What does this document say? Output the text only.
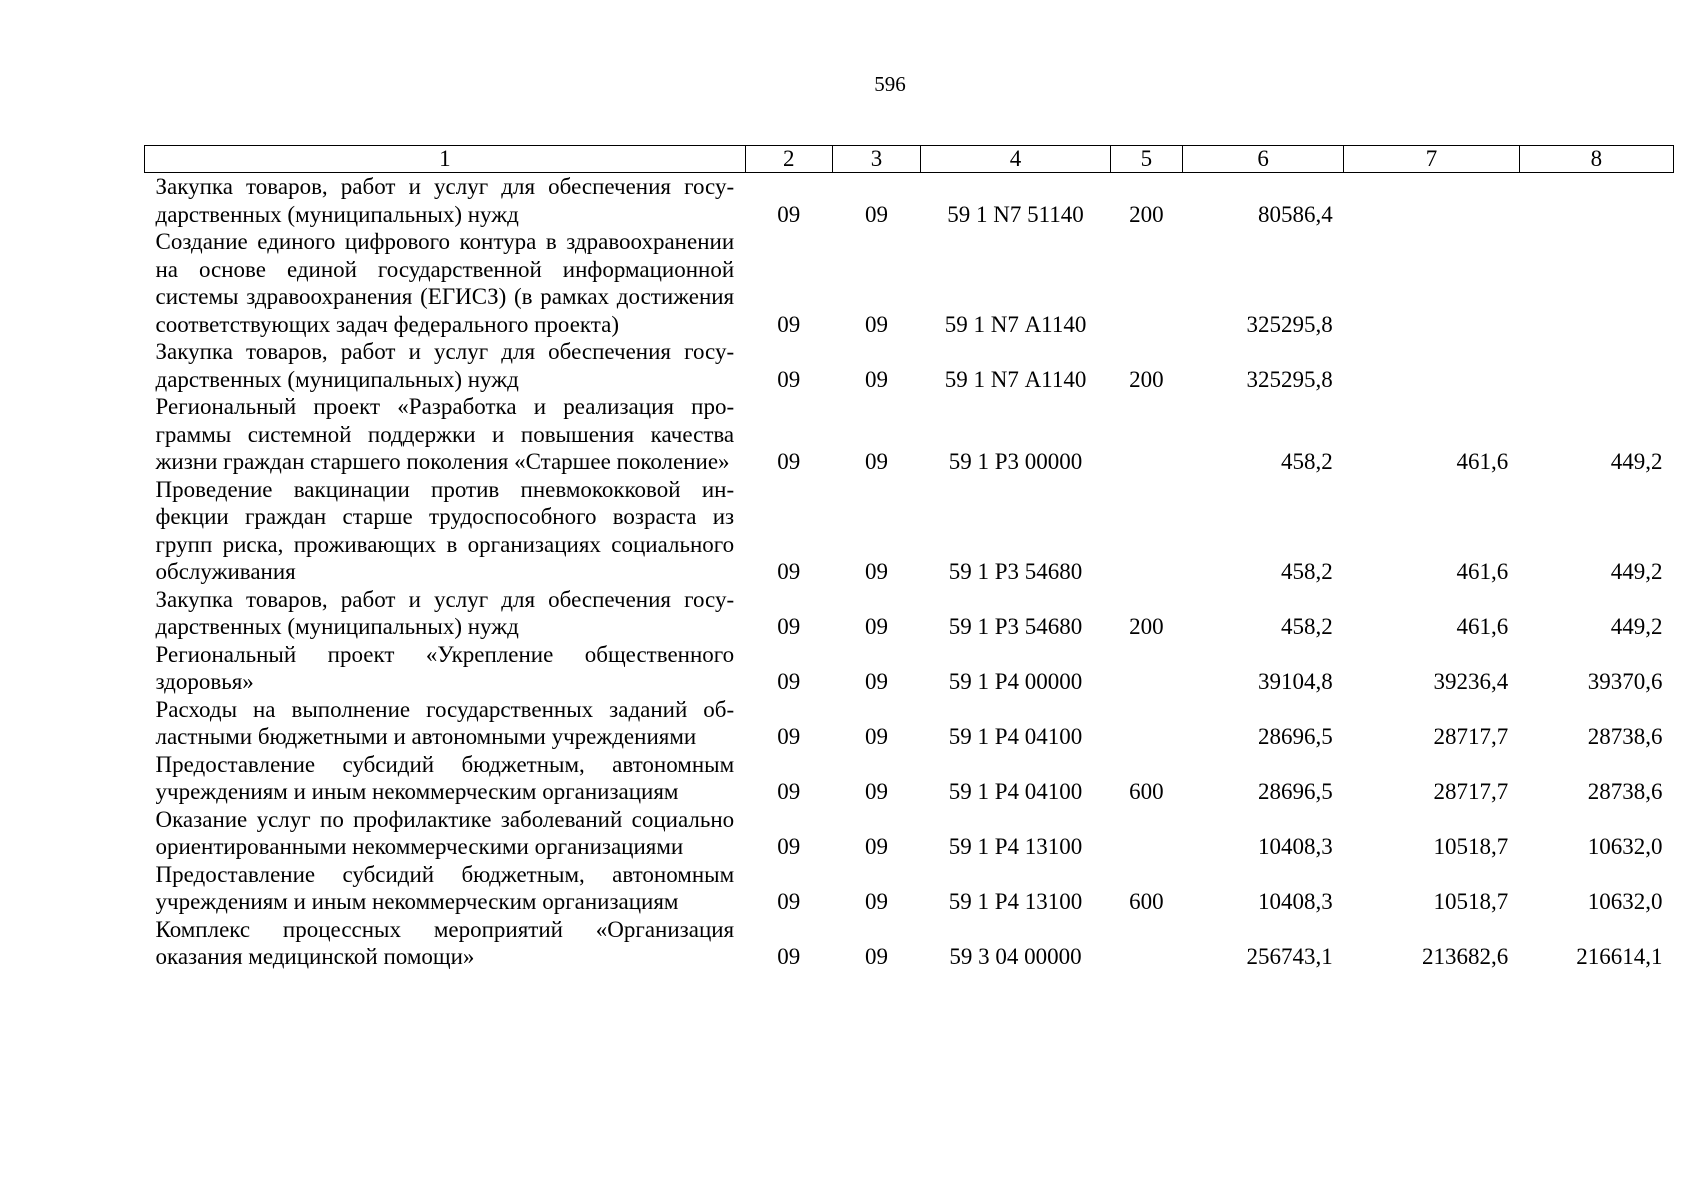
596
1	2	3	4	5	6	7	8
Закупка товаров, работ и услуг для обеспечения государственных (муниципальных) нужд	09	09	59 1 N7 51140	200	80586,4		
Создание единого цифрового контура в здравоохранении на основе единой государственной информационной системы здравоохранения (ЕГИСЗ) (в рамках достижения соответствующих задач федерального проекта)	09	09	59 1 N7 А1140		325295,8		
Закупка товаров, работ и услуг для обеспечения государственных (муниципальных) нужд	09	09	59 1 N7 А1140	200	325295,8		
Региональный проект «Разработка и реализация программы системной поддержки и повышения качества жизни граждан старшего поколения «Старшее поколение»	09	09	59 1 Р3 00000		458,2	461,6	449,2
Проведение вакцинации против пневмококковой инфекции граждан старше трудоспособного возраста из групп риска, проживающих в организациях социального обслуживания	09	09	59 1 Р3 54680		458,2	461,6	449,2
Закупка товаров, работ и услуг для обеспечения государственных (муниципальных) нужд	09	09	59 1 Р3 54680	200	458,2	461,6	449,2
Региональный проект «Укрепление общественного здоровья»	09	09	59 1 Р4 00000		39104,8	39236,4	39370,6
Расходы на выполнение государственных заданий областными бюджетными и автономными учреждениями	09	09	59 1 Р4 04100		28696,5	28717,7	28738,6
Предоставление субсидий бюджетным, автономным учреждениям и иным некоммерческим организациям	09	09	59 1 Р4 04100	600	28696,5	28717,7	28738,6
Оказание услуг по профилактике заболеваний социально ориентированными некоммерческими организациями	09	09	59 1 Р4 13100		10408,3	10518,7	10632,0
Предоставление субсидий бюджетным, автономным учреждениям и иным некоммерческим организациям	09	09	59 1 Р4 13100	600	10408,3	10518,7	10632,0
Комплекс процессных мероприятий «Организация оказания медицинской помощи»	09	09	59 3 04 00000		256743,1	213682,6	216614,1
